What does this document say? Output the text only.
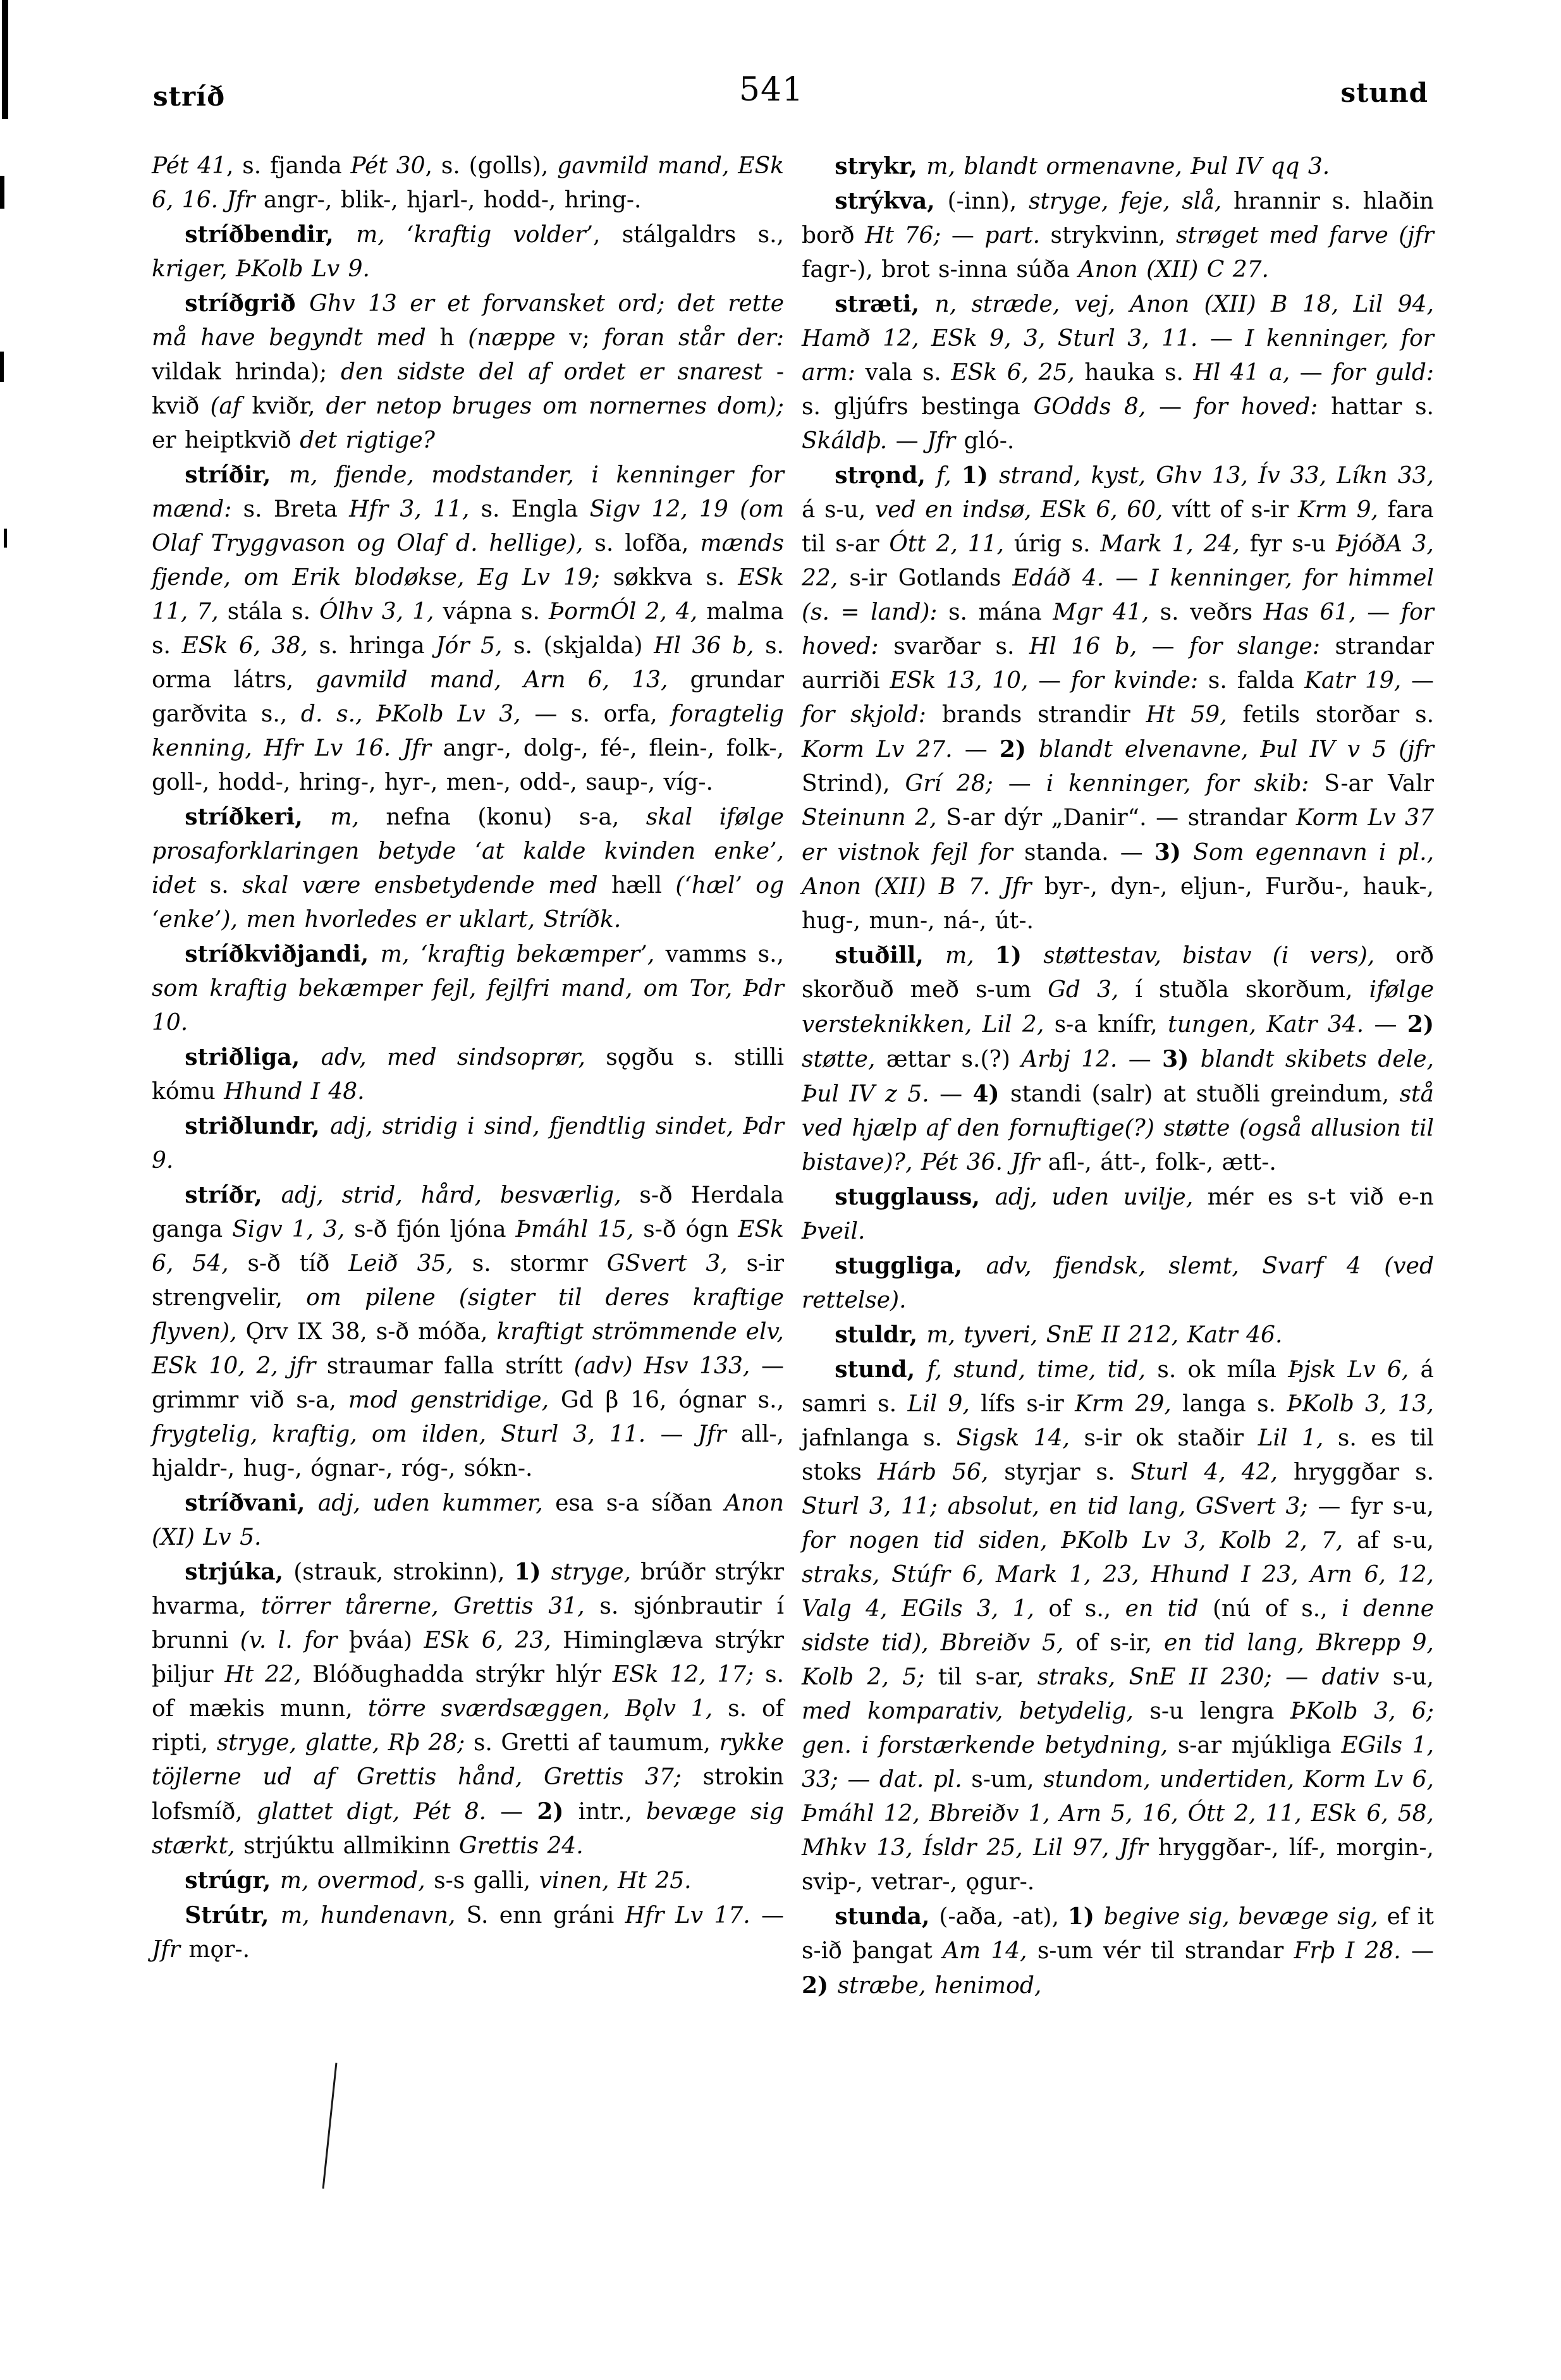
stríð	541	stund

Pét 41, s. fjanda Pét 30, s. (golls), gavmild mand, ESk 6, 16. Jfr angr-, blik-, hjarl-, hodd-, hring-.

stríðbendir, m, ‘kraftig volder’, stálgaldrs s., kriger, ÞKolb Lv 9.

stríðgrið Ghv 13 er et forvansket ord; det rette må have begyndt med h (næppe v; foran står der: vildak hrinda); den sidste del af ordet er snarest -kvið (af kviðr, der netop bruges om nornernes dom); er heiptkvið det rigtige?

stríðir, m, fjende, modstander, i kenninger for mænd: s. Breta Hfr 3, 11, s. Engla Sigv 12, 19 (om Olaf Tryggvason og Olaf d. hellige), s. lofða, mænds fjende, om Erik blodøkse, Eg Lv 19; søkkva s. ESk 11, 7, stála s. Ólhv 3, 1, vápna s. ÞormÓl 2, 4, malma s. ESk 6, 38, s. hringa Jór 5, s. (skjalda) Hl 36 b, s. orma látrs, gavmild mand, Arn 6, 13, grundar garðvita s., d. s., ÞKolb Lv 3, — s. orfa, foragtelig kenning, Hfr Lv 16. Jfr angr-, dolg-, fé-, flein-, folk-, goll-, hodd-, hring-, hyr-, men-, odd-, saup-, víg-.

stríðkeri, m, nefna (konu) s-a, skal ifølge prosaforklaringen betyde ‘at kalde kvinden enke’, idet s. skal være ensbetydende med hæll (‘hæl’ og ‘enke’), men hvorledes er uklart, Stríðk.

stríðkviðjandi, m, ‘kraftig bekæmper’, vamms s., som kraftig bekæmper fejl, fejlfri mand, om Tor, Þdr 10.

striðliga, adv, med sindsoprør, sǫgðu s. stilli kómu Hhund I 48.

striðlundr, adj, stridig i sind, fjendtlig sindet, Þdr 9.

stríðr, adj, strid, hård, besværlig, s-ð Herdala ganga Sigv 1, 3, s-ð fjón ljóna Þmáhl 15, s-ð ógn ESk 6, 54, s-ð tíð Leið 35, s. stormr GSvert 3, s-ir strengvelir, om pilene (sigter til deres kraftige flyven), Ǫrv IX 38, s-ð móða, kraftigt strömmende elv, ESk 10, 2, jfr straumar falla strítt (adv) Hsv 133, — grimmr við s-a, mod genstridige, Gd β 16, ógnar s., frygtelig, kraftig, om ilden, Sturl 3, 11. — Jfr all-, hjaldr-, hug-, ógnar-, róg-, sókn-.

stríðvani, adj, uden kummer, esa s-a síðan Anon (XI) Lv 5.

strjúka, (strauk, strokinn), 1) stryge, brúðr strýkr hvarma, törrer tårerne, Grettis 31, s. sjónbrautir í brunni (v. l. for þváa) ESk 6, 23, Himinglæva strýkr þiljur Ht 22, Blóðughadda strýkr hlýr ESk 12, 17; s. of mækis munn, törre sværdsæggen, Bǫlv 1, s. of ripti, stryge, glatte, Rþ 28; s. Gretti af taumum, rykke töjlerne ud af Grettis hånd, Grettis 37; strokin lofsmíð, glattet digt, Pét 8. — 2) intr., bevæge sig stærkt, strjúktu allmikinn Grettis 24.

strúgr, m, overmod, s-s galli, vinen, Ht 25.

Strútr, m, hundenavn, S. enn gráni Hfr Lv 17. — Jfr mǫr-.

strykr, m, blandt ormenavne, Þul IV qq 3.

strýkva, (-inn), stryge, feje, slå, hrannir s. hlaðin borð Ht 76; — part. strykvinn, strøget med farve (jfr fagr-), brot s-inna súða Anon (XII) C 27.

stræti, n, stræde, vej, Anon (XII) B 18, Lil 94, Hamð 12, ESk 9, 3, Sturl 3, 11. — I kenninger, for arm: vala s. ESk 6, 25, hauka s. Hl 41 a, — for guld: s. gljúfrs bestinga GOdds 8, — for hoved: hattar s. Skáldþ. — Jfr gló-.

strǫnd, f, 1) strand, kyst, Ghv 13, Ív 33, Líkn 33, á s-u, ved en indsø, ESk 6, 60, vítt of s-ir Krm 9, fara til s-ar Ótt 2, 11, úrig s. Mark 1, 24, fyr s-u ÞjóðA 3, 22, s-ir Gotlands Edáð 4. — I kenninger, for himmel (s. = land): s. mána Mgr 41, s. veðrs Has 61, — for hoved: svarðar s. Hl 16 b, — for slange: strandar aurriði ESk 13, 10, — for kvinde: s. falda Katr 19, — for skjold: brands strandir Ht 59, fetils storðar s. Korm Lv 27. — 2) blandt elvenavne, Þul IV v 5 (jfr Strind), Grí 28; — i kenninger, for skib: S-ar Valr Steinunn 2, S-ar dýr „Danir“. — strandar Korm Lv 37 er vistnok fejl for standa. — 3) Som egennavn i pl., Anon (XII) B 7. Jfr byr-, dyn-, eljun-, Furðu-, hauk-, hug-, mun-, ná-, út-.

stuðill, m, 1) støttestav, bistav (i vers), orð skorðuð með s-um Gd 3, í stuðla skorðum, ifølge versteknikken, Lil 2, s-a knífr, tungen, Katr 34. — 2) støtte, ættar s.(?) Arbj 12. — 3) blandt skibets dele, Þul IV z 5. — 4) standi (salr) at stuðli greindum, stå ved hjælp af den fornuftige(?) støtte (også allusion til bistave)?, Pét 36. Jfr afl-, átt-, folk-, ætt-.

stugglauss, adj, uden uvilje, mér es s-t við e-n Þveil.

stuggliga, adv, fjendsk, slemt, Svarf 4 (ved rettelse).

stuldr, m, tyveri, SnE II 212, Katr 46.

stund, f, stund, time, tid, s. ok míla Þjsk Lv 6, á samri s. Lil 9, lífs s-ir Krm 29, langa s. ÞKolb 3, 13, jafnlanga s. Sigsk 14, s-ir ok staðir Lil 1, s. es til stoks Hárb 56, styrjar s. Sturl 4, 42, hryggðar s. Sturl 3, 11; absolut, en tid lang, GSvert 3; — fyr s-u, for nogen tid siden, ÞKolb Lv 3, Kolb 2, 7, af s-u, straks, Stúfr 6, Mark 1, 23, Hhund I 23, Arn 6, 12, Valg 4, EGils 3, 1, of s., en tid (nú of s., i denne sidste tid), Bbreiðv 5, of s-ir, en tid lang, Bkrepp 9, Kolb 2, 5; til s-ar, straks, SnE II 230; — dativ s-u, med komparativ, betydelig, s-u lengra ÞKolb 3, 6; gen. i forstærkende betydning, s-ar mjúkliga EGils 1, 33; — dat. pl. s-um, stundom, undertiden, Korm Lv 6, Þmáhl 12, Bbreiðv 1, Arn 5, 16, Ótt 2, 11, ESk 6, 58, Mhkv 13, Ísldr 25, Lil 97, Jfr hryggðar-, líf-, morgin-, svip-, vetrar-, ǫgur-.

stunda, (-aða, -at), 1) begive sig, bevæge sig, ef it s-ið þangat Am 14, s-um vér til strandar Frþ I 28. — 2) stræbe, henimod,
